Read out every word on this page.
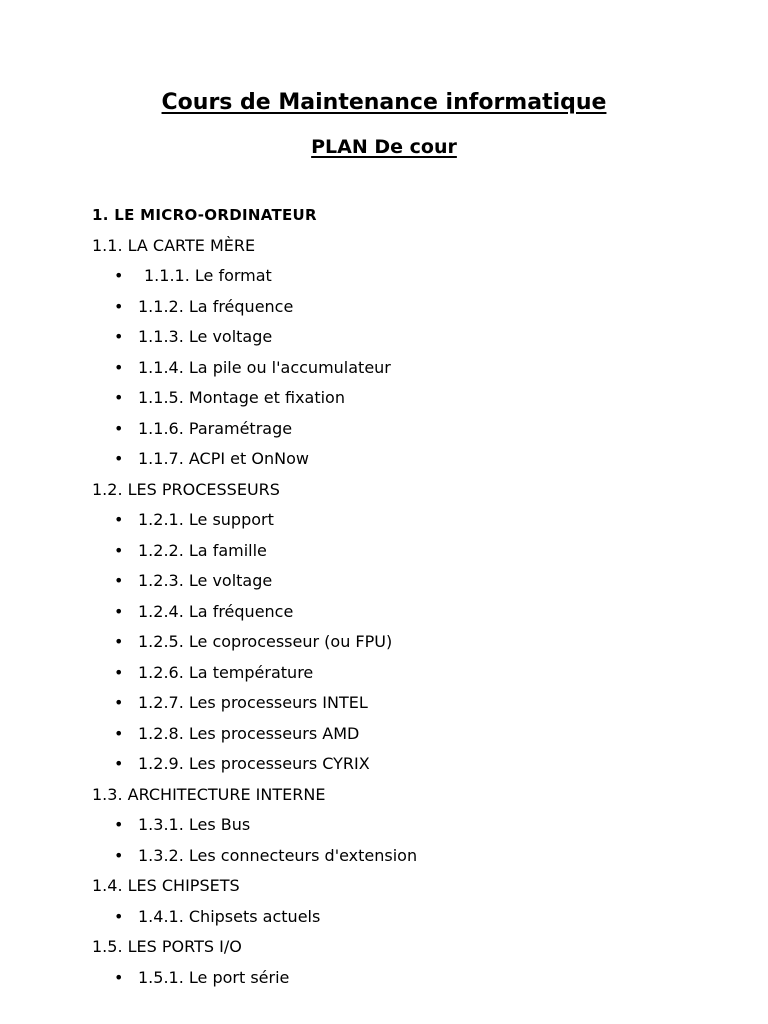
Cours de Maintenance informatique
PLAN De cour
1. LE MICRO-ORDINATEUR
1.1. LA CARTE MÈRE
• 1.1.1. Le format
• 1.1.2. La fréquence
• 1.1.3. Le voltage
• 1.1.4. La pile ou l'accumulateur
• 1.1.5. Montage et fixation
• 1.1.6. Paramétrage
• 1.1.7. ACPI et OnNow
1.2. LES PROCESSEURS
• 1.2.1. Le support
• 1.2.2. La famille
• 1.2.3. Le voltage
• 1.2.4. La fréquence
• 1.2.5. Le coprocesseur (ou FPU)
• 1.2.6. La température
• 1.2.7. Les processeurs INTEL
• 1.2.8. Les processeurs AMD
• 1.2.9. Les processeurs CYRIX
1.3. ARCHITECTURE INTERNE
• 1.3.1. Les Bus
• 1.3.2. Les connecteurs d'extension
1.4. LES CHIPSETS
• 1.4.1. Chipsets actuels
1.5. LES PORTS I/O
• 1.5.1. Le port série
